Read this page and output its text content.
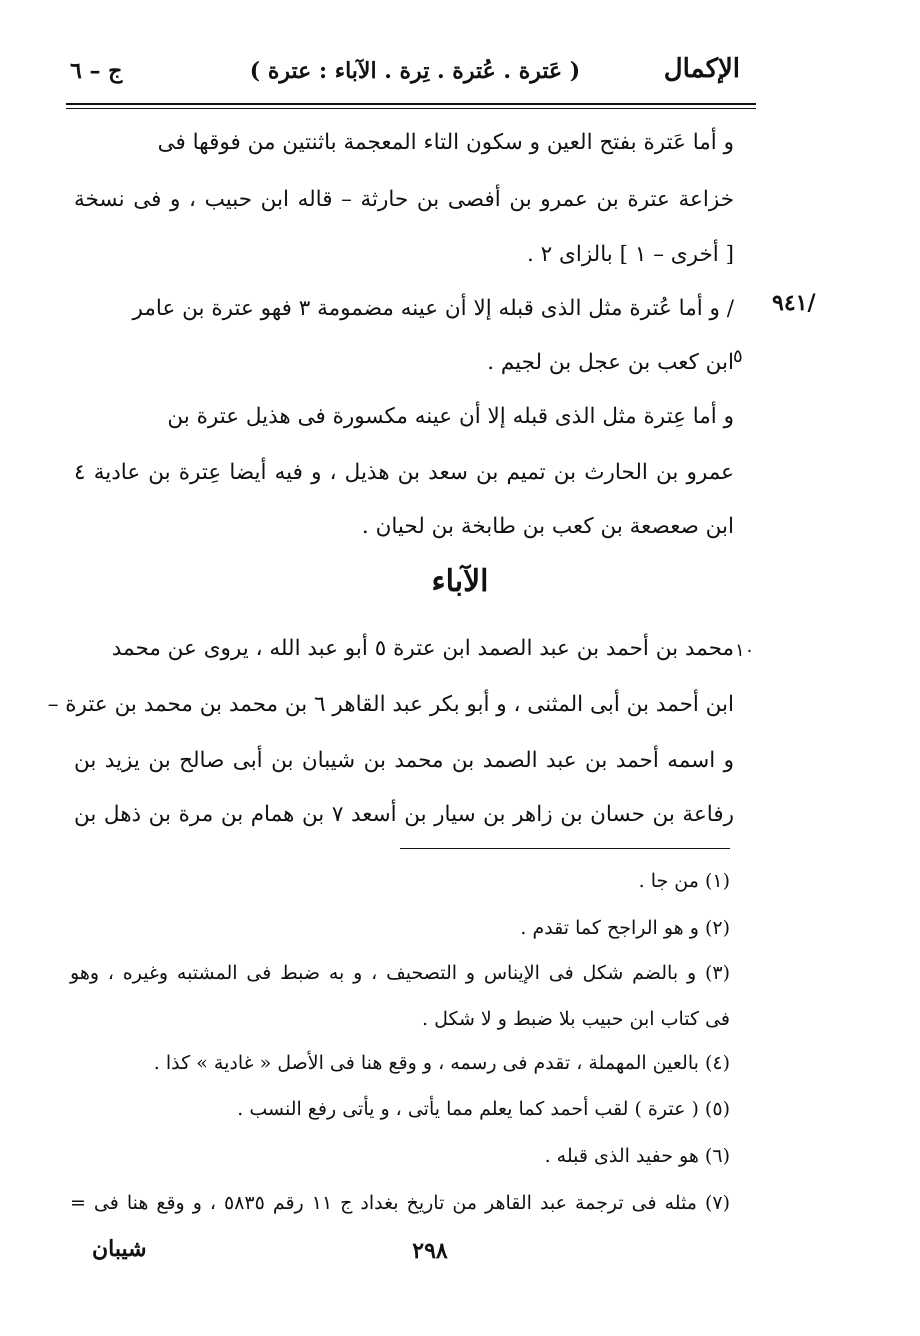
الإكمال
( عَترة . عُترة . تِرة . الآباء : عترة )
ج – ٦
/٩٤١
و أما عَترة بفتح العين و سكون التاء المعجمة باثنتين من فوقها فى
خزاعة عترة بن عمرو بن أفصى بن حارثة – قاله ابن حبيب ، و فى نسخة
[ أخرى – ١ ] بالزاى ٢ .
/ و أما عُترة مثل الذى قبله إلا أن عينه مضمومة ٣ فهو عترة بن عامر
٥
ابن كعب بن عجل بن لجيم .
و أما عِترة مثل الذى قبله إلا أن عينه مكسورة فى هذيل عترة بن
عمرو بن الحارث بن تميم بن سعد بن هذيل ، و فيه أيضا عِترة بن عادية ٤
ابن صعصعة بن كعب بن طابخة بن لحيان .
الآباء
١٠
محمد بن أحمد بن عبد الصمد ابن عترة ٥ أبو عبد الله ، يروى عن محمد
ابن أحمد بن أبى المثنى ، و أبو بكر عبد القاهر ٦ بن محمد بن محمد بن عترة –
و اسمه أحمد بن عبد الصمد بن محمد بن شيبان بن أبى صالح بن يزيد بن
رفاعة بن حسان بن زاهر بن سيار بن أسعد ٧ بن همام بن مرة بن ذهل بن
(١) من جا .
(٢) و هو الراجح كما تقدم .
(٣) و بالضم شكل فى الإيناس و التصحيف ، و به ضبط فى المشتبه وغيره ، وهو
فى كتاب ابن حبيب بلا ضبط و لا شكل .
(٤) بالعين المهملة ، تقدم فى رسمه ، و وقع هنا فى الأصل « غادية » كذا .
(٥) ( عترة ) لقب أحمد كما يعلم مما يأتى ، و يأتى رفع النسب .
(٦) هو حفيد الذى قبله .
(٧) مثله فى ترجمة عبد القاهر من تاريخ بغداد ج ١١ رقم ٥٨٣٥ ، و وقع هنا فى =
شيبان	٢٩٨
